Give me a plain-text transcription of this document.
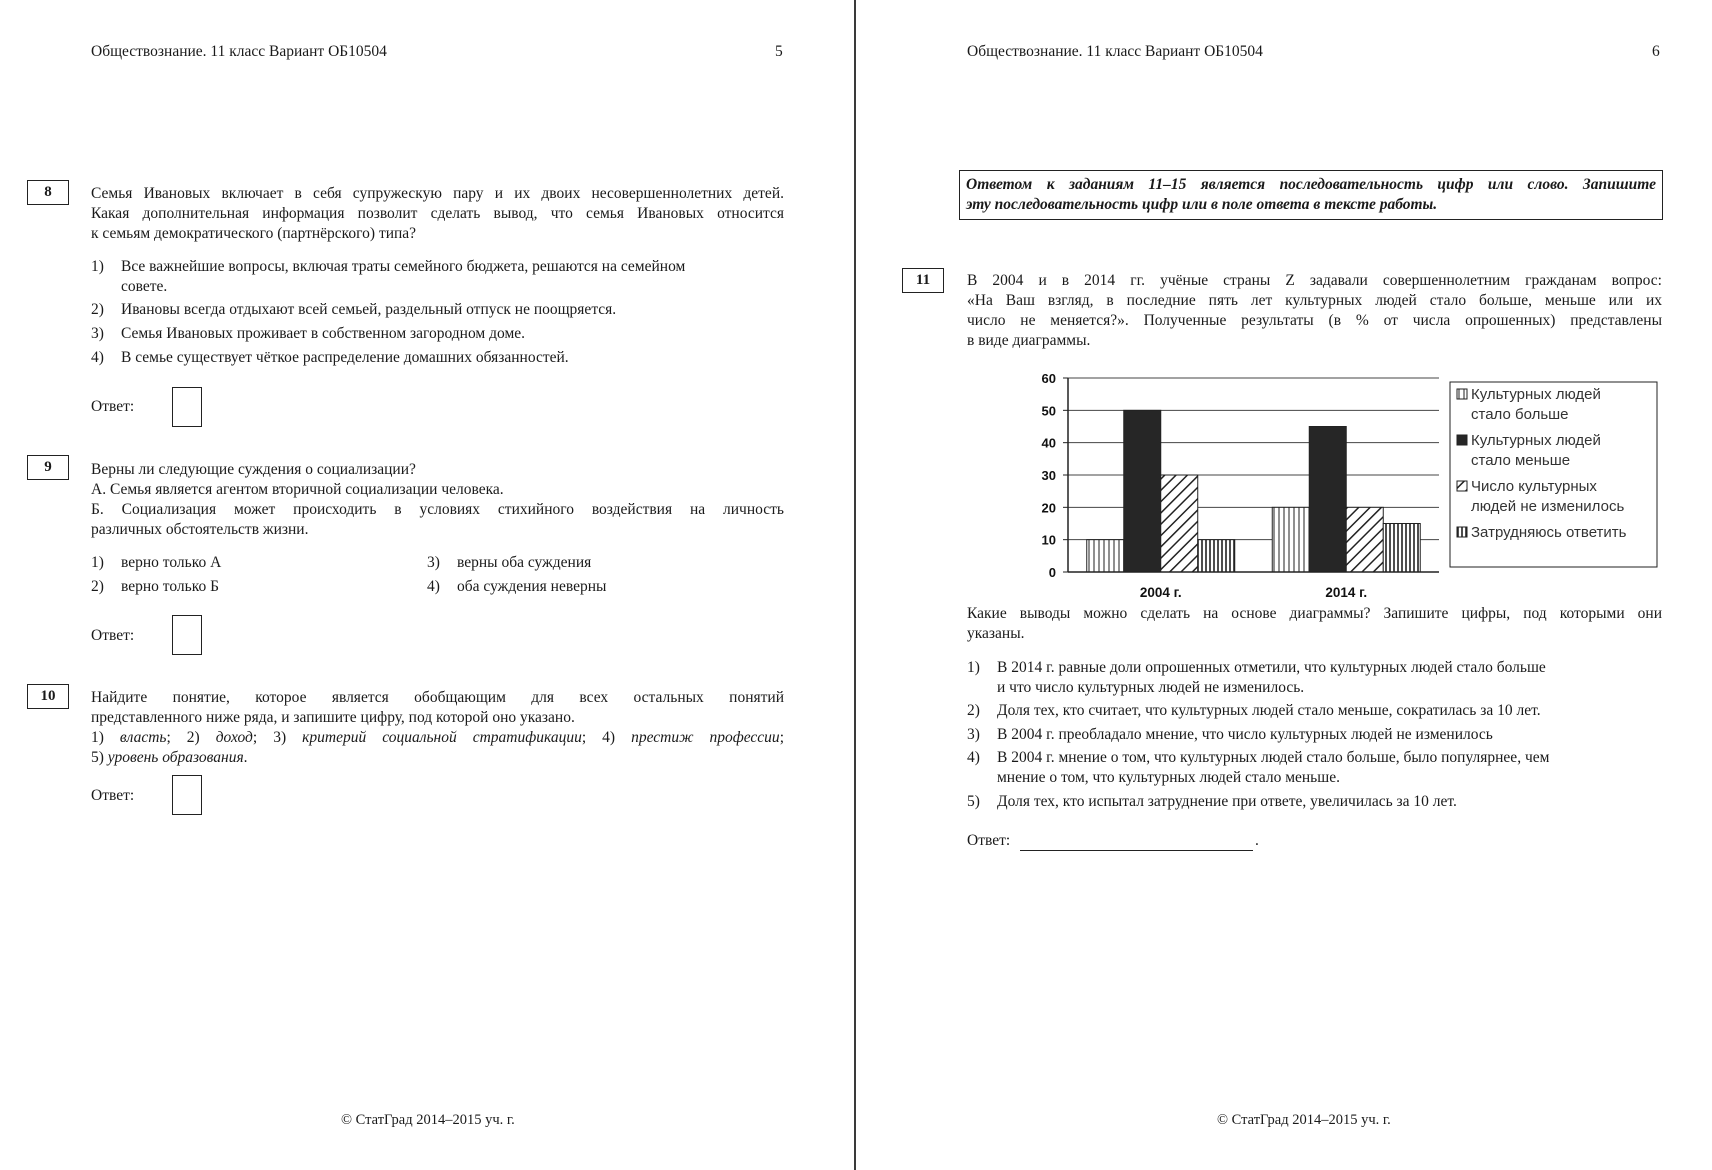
Обществознание. 11 класс Вариант ОБ10504	5
8	Семья Ивановых включает в себя супружескую пару и их двоих несовершеннолетних детей.
Какая дополнительная информация позволит сделать вывод, что семья Ивановых относится
к семьям демократического (партнёрского) типа?
1) Все важнейшие вопросы, включая траты семейного бюджета, решаются на семейном
совете.
2) Ивановы всегда отдыхают всей семьей, раздельный отпуск не поощряется.
3) Семья Ивановых проживает в собственном загородном доме.
4) В семье существует чёткое распределение домашних обязанностей.
Ответ:
9	Верны ли следующие суждения о социализации?
А. Семья является агентом вторичной социализации человека.
Б. Социализация может происходить в условиях стихийного воздействия на личность
различных обстоятельств жизни.
1) верно только А
2) верно только Б
3) верны оба суждения
4) оба суждения неверны
Ответ:
10	Найдите понятие, которое является обобщающим для всех остальных понятий
представленного ниже ряда, и запишите цифру, под которой оно указано.
1) власть; 2) доход; 3) критерий социальной стратификации; 4) престиж профессии;
5) уровень образования.
Ответ:
© СтатГрад 2014–2015 уч. г.
Обществознание. 11 класс Вариант ОБ10504	6
Ответом к заданиям 11–15 является последовательность цифр или слово. Запишите
эту последовательность цифр или в поле ответа в тексте работы.
11	В 2004 и в 2014 гг. учёные страны Z задавали совершеннолетним гражданам вопрос:
«На Ваш взгляд, в последние пять лет культурных людей стало больше, меньше или их
число не меняется?». Полученные результаты (в % от числа опрошенных) представлены
в виде диаграммы.
0
10
20
30
40
50
60
2004 г.	2014 г.
Культурных людей
стало больше
Культурных людей
стало меньше
Число культурных
людей не изменилось
Затрудняюсь ответить
Какие выводы можно сделать на основе диаграммы? Запишите цифры, под которыми они
указаны.
1) В 2014 г. равные доли опрошенных отметили, что культурных людей стало больше
и что число культурных людей не изменилось.
2) Доля тех, кто считает, что культурных людей стало меньше, сократилась за 10 лет.
3) В 2004 г. преобладало мнение, что число культурных людей не изменилось
4) В 2004 г. мнение о том, что культурных людей стало больше, было популярнее, чем
мнение о том, что культурных людей стало меньше.
5) Доля тех, кто испытал затруднение при ответе, увеличилась за 10 лет.
Ответ:	.
© СтатГрад 2014–2015 уч. г.
